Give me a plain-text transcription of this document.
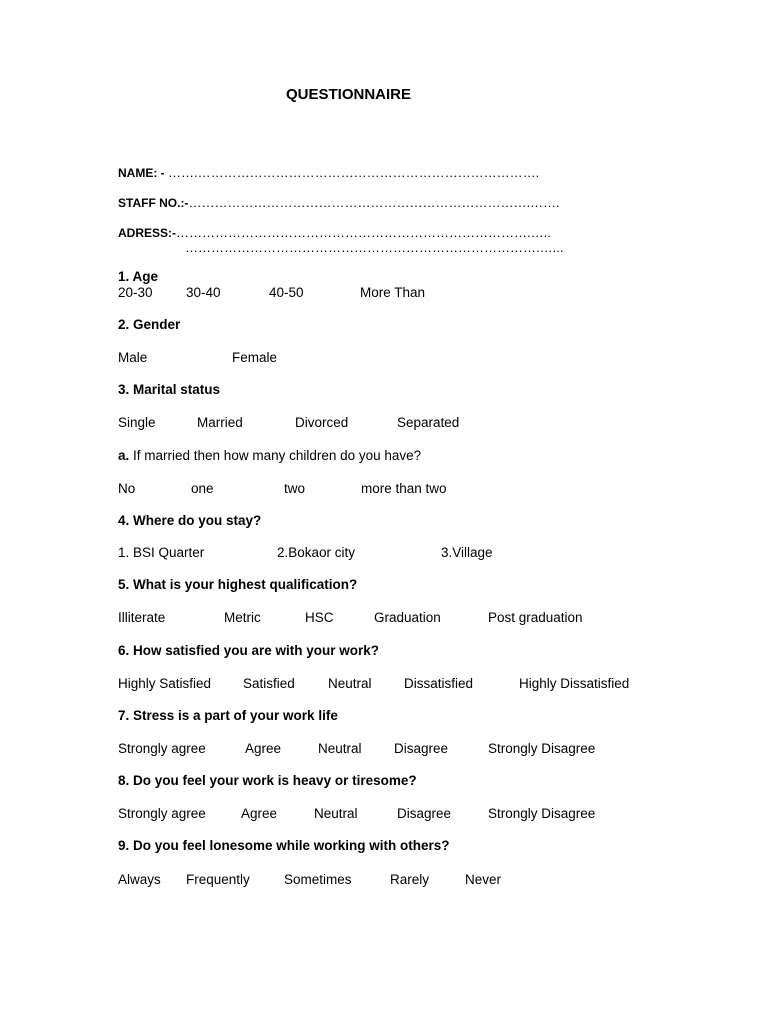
QUESTIONNAIRE
NAME: - …….…………………………………………………………………….
STAFF NO.:-…………………………………………………………………….…….
ADRESS:-……………………………………………………………………….…..
……………………………………………………………………….…...
1. Age
20-30 30-40	40-50	More Than
2. Gender
Male	Female
3. Marital status
Single	Married	Divorced	Separated
a. If married then how many children do you have?
No	one	two	more than two
4. Where do you stay?
1. BSI Quarter	2.Bokaor city	3.Village
5. What is your highest qualification?
Illiterate	Metric	HSC	Graduation	Post graduation
6. How satisfied you are with your work?
Highly Satisfied Satisfied Neutral Dissatisfied	Highly Dissatisfied
7. Stress is a part of your work life
Strongly agree	Agree	Neutral Disagree	Strongly Disagree
8. Do you feel your work is heavy or tiresome?
Strongly agree	Agree	Neutral	Disagree	Strongly Disagree
9. Do you feel lonesome while working with others?
Always Frequently	Sometimes	Rarely	Never
